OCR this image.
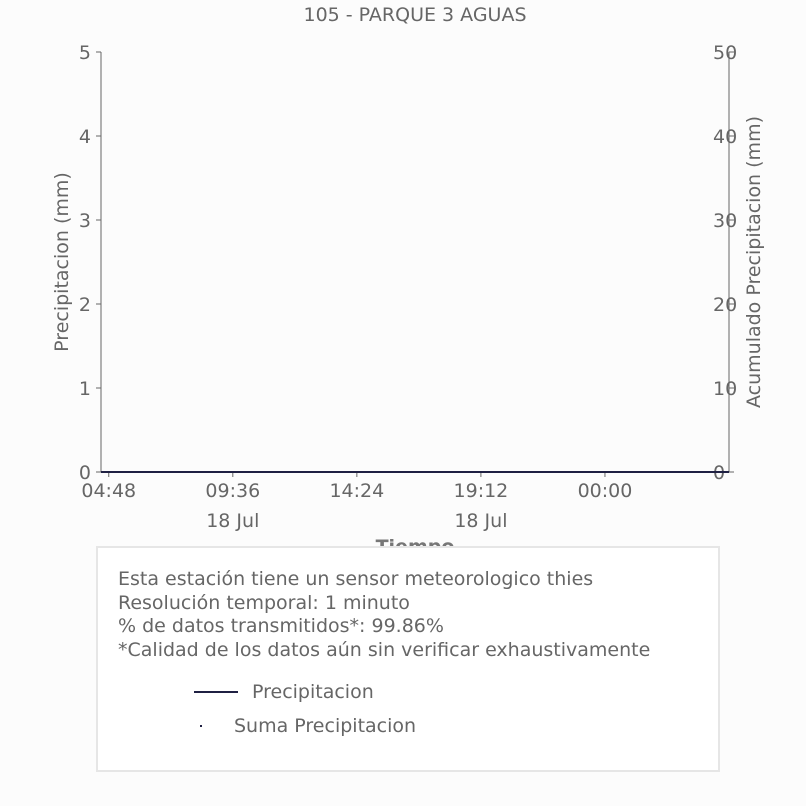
105 - PARQUE 3 AGUAS
Precipitacion (mm)	Acumulado Precipitacion (mm)
0
1
2
3
4
5
0
10
20
30
40
50
04:48	09:36
18 Jul
14:24	19:12
18 Jul
00:00
Esta estación tiene un sensor meteorologico thies
Resolución temporal: 1 minuto
% de datos transmitidos*: 99.86%
*Calidad de los datos aún sin verificar exhaustivamente
Precipitacion
Suma Precipitacion
